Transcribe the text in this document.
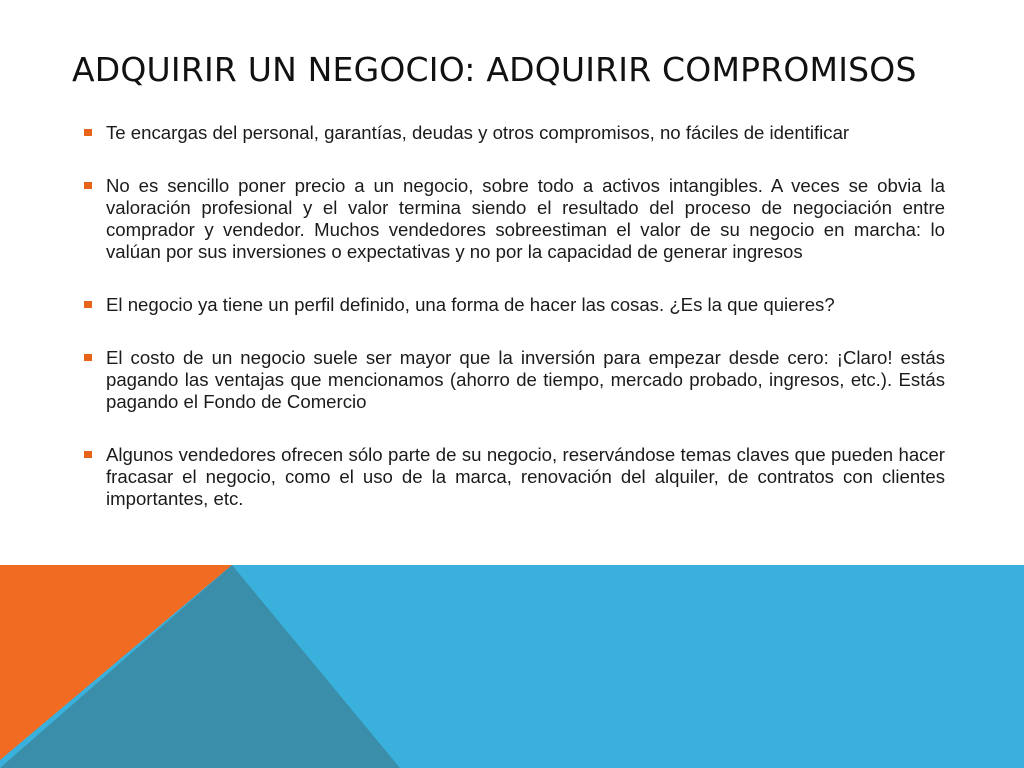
ADQUIRIR UN NEGOCIO: ADQUIRIR COMPROMISOS
Te encargas del personal, garantías, deudas y otros compromisos, no fáciles de identificar
No es sencillo poner precio a un negocio, sobre todo a activos intangibles. A veces se obvia la valoración profesional y el valor termina siendo el resultado del proceso de negociación entre comprador y vendedor. Muchos vendedores sobreestiman el valor de su negocio en marcha: lo valúan por sus inversiones o expectativas y no por la capacidad de generar ingresos
El negocio ya tiene un perfil definido, una forma de hacer las cosas. ¿Es la que quieres?
El costo de un negocio suele ser mayor que la inversión para empezar desde cero: ¡Claro! estás pagando las ventajas que mencionamos (ahorro de tiempo, mercado probado, ingresos, etc.). Estás pagando el Fondo de Comercio
Algunos vendedores ofrecen sólo parte de su negocio, reservándose temas claves que pueden hacer fracasar el negocio, como el uso de la marca, renovación del alquiler, de contratos con clientes importantes, etc.
